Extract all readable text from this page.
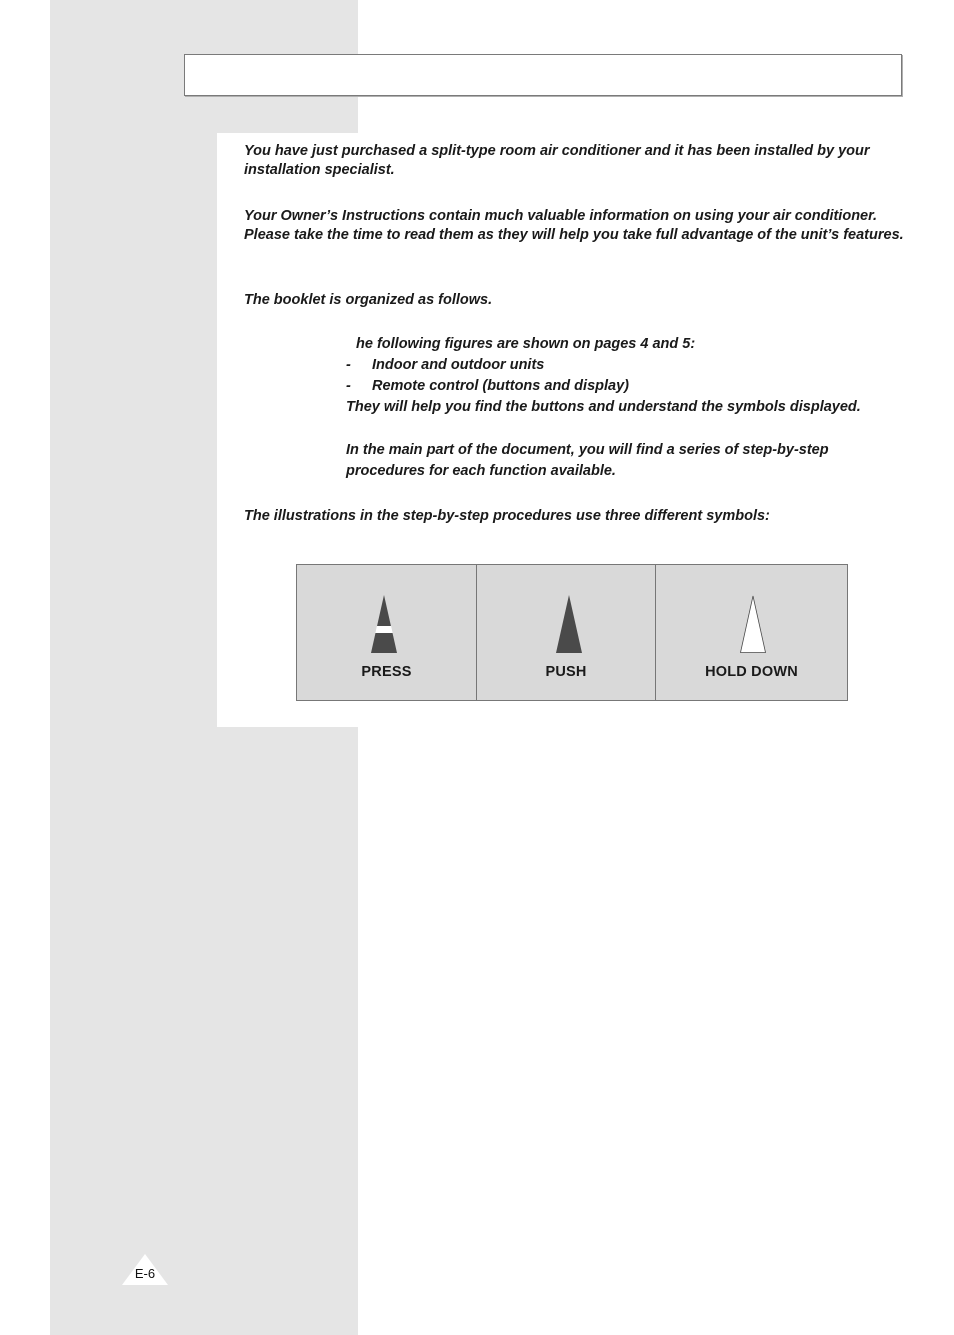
You have just purchased a split-type room air conditioner and it has been installed by your installation specialist.

Your Owner’s Instructions contain much valuable information on using your air conditioner. Please take the time to read them as they will help you take full advantage of the unit’s features.

The booklet is organized as follows.

he following figures are shown on pages 4 and 5:
-	Indoor and outdoor units
-	Remote control (buttons and display)
They will help you find the buttons and understand the symbols displayed.
In the main part of the document, you will find a series of step-by-step
procedures for each function available.

The illustrations in the step-by-step procedures use three different symbols:

PRESS	PUSH	HOLD DOWN
E-6
